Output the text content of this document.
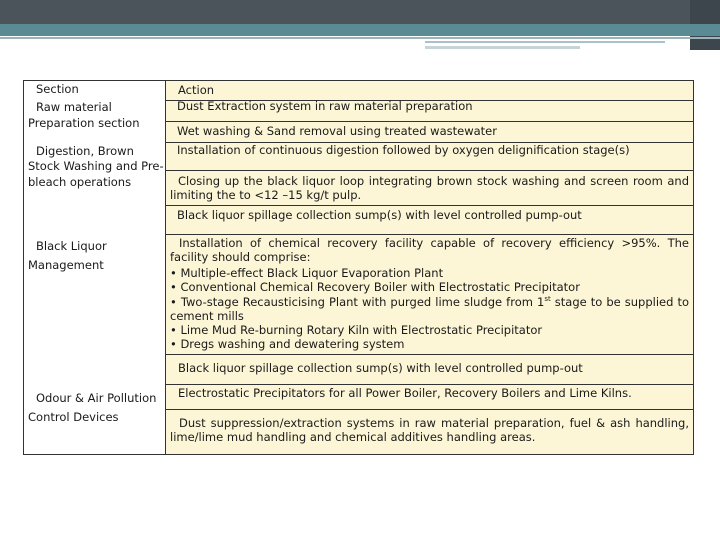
Section	Action
Raw material
Preparation section
Dust Extraction system in raw material preparation
Wet washing & Sand removal using treated wastewater
Digestion, Brown
Stock Washing and Pre-
bleach operations
Installation of continuous digestion followed by oxygen delignification stage(s)
Closing up the black liquor loop integrating brown stock washing and screen room and limiting the to <12 –15 kg/t pulp.
Black liquor spillage collection sump(s) with level controlled pump-out
Black Liquor
Management
Installation of chemical recovery facility capable of recovery efficiency >95%. The facility should comprise:
• Multiple-effect Black Liquor Evaporation Plant
• Conventional Chemical Recovery Boiler with Electrostatic Precipitator
• Two-stage Recausticising Plant with purged lime sludge from 1st stage to be supplied to cement mills
• Lime Mud Re-burning Rotary Kiln with Electrostatic Precipitator
• Dregs washing and dewatering system
Black liquor spillage collection sump(s) with level controlled pump-out
Odour & Air Pollution
Control Devices
Electrostatic Precipitators for all Power Boiler, Recovery Boilers and Lime Kilns.
Dust suppression/extraction systems in raw material preparation, fuel & ash handling, lime/lime mud handling and chemical additives handling areas.
